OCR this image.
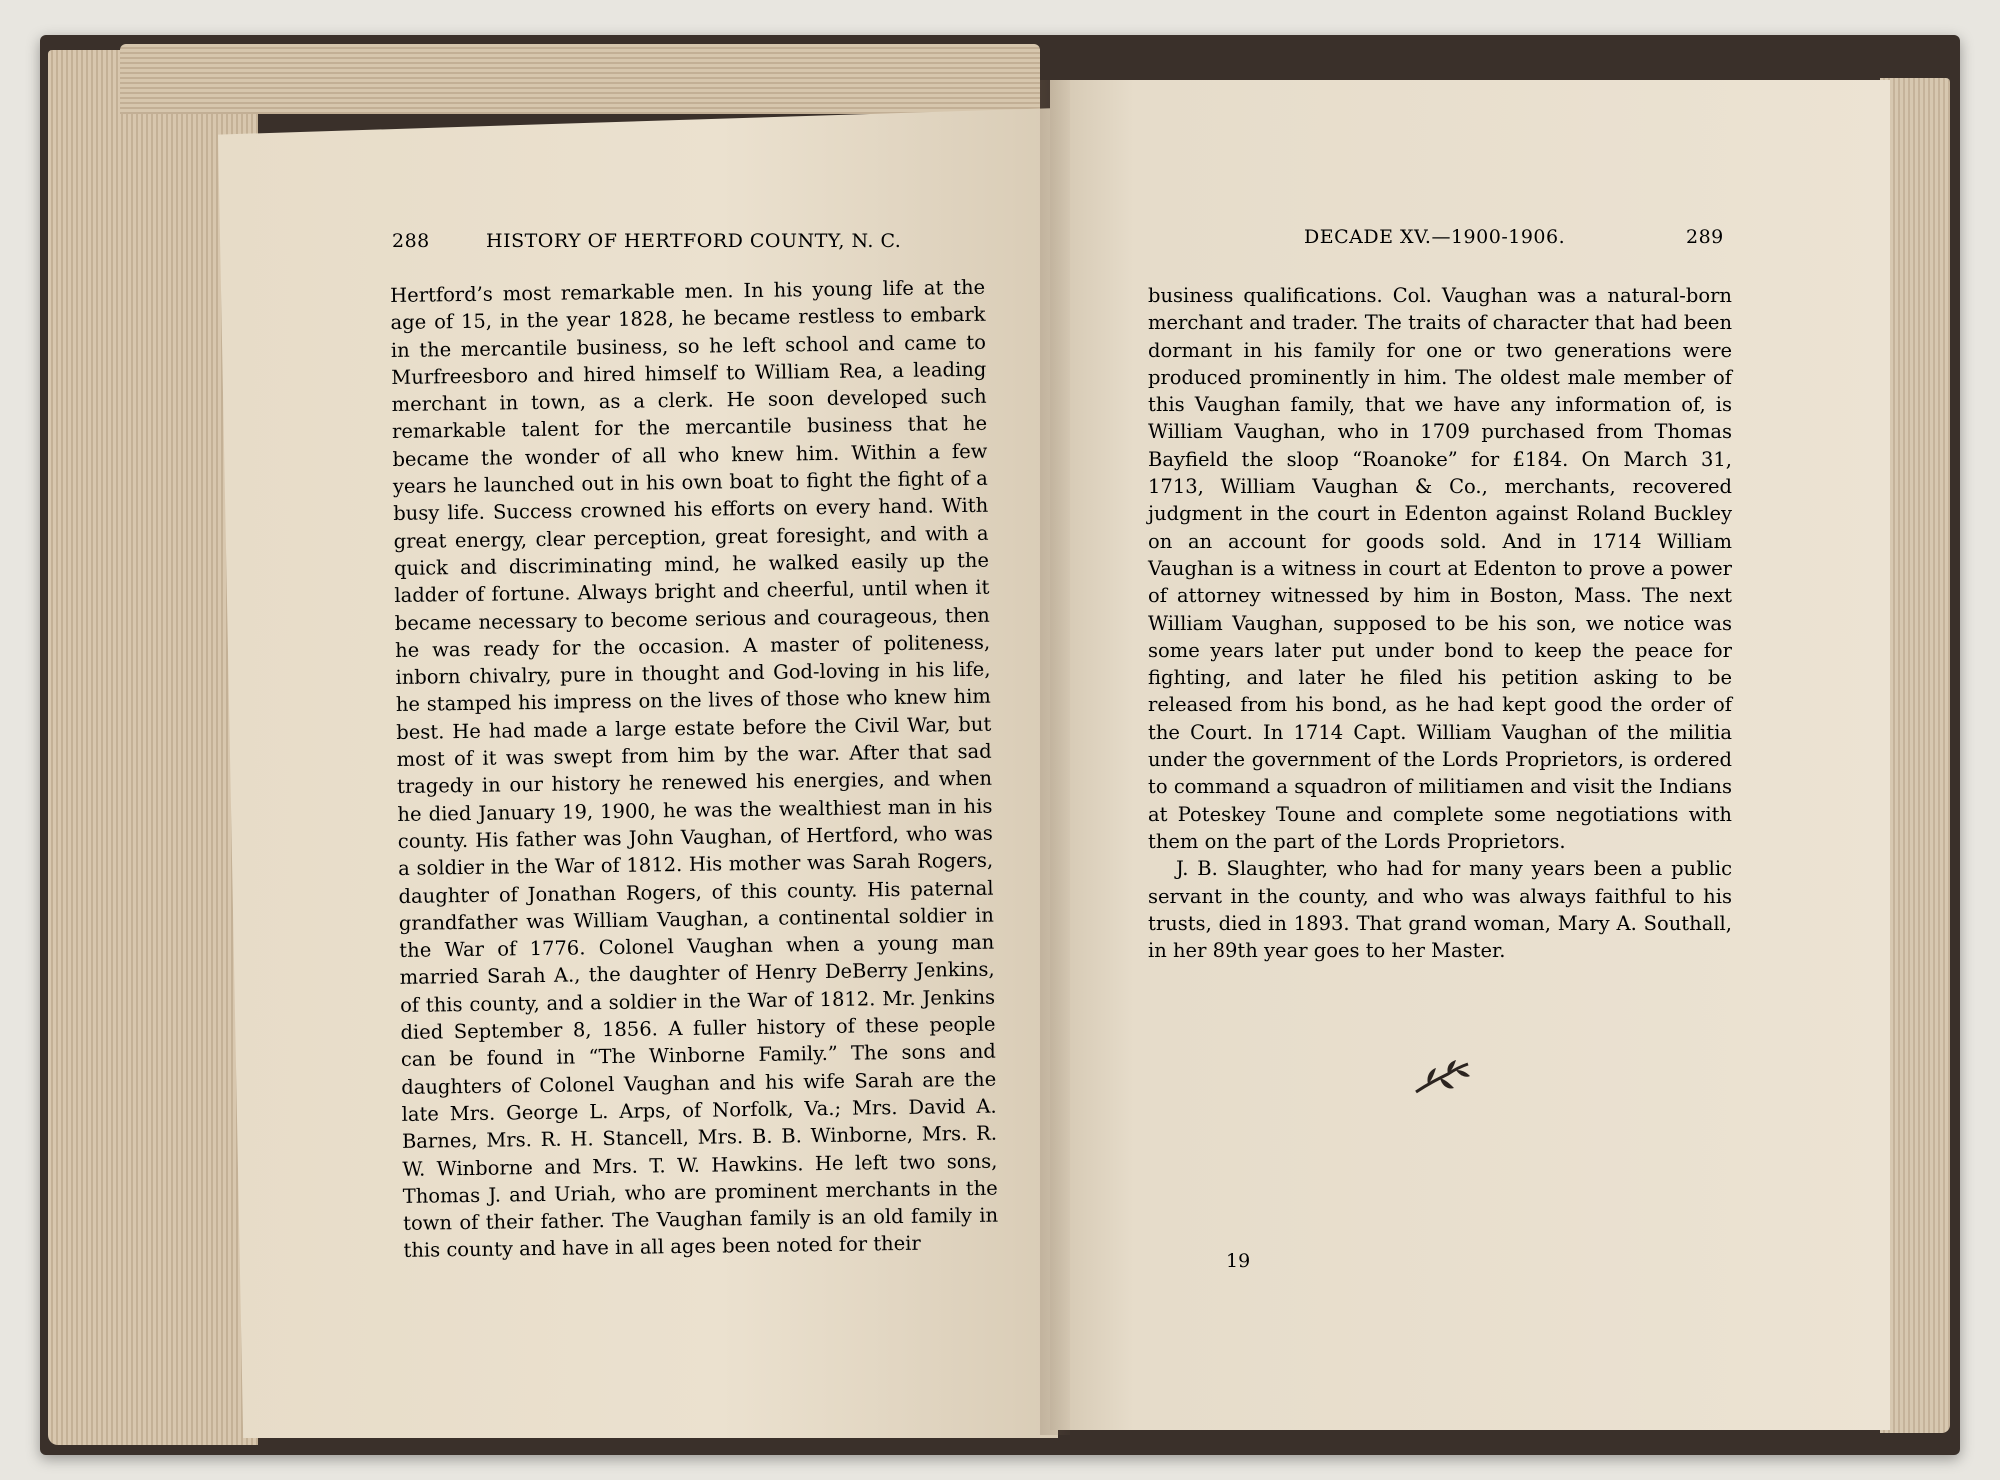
288	HISTORY OF HERTFORD COUNTY, N. C.

Hertford’s most remarkable men. In his young life at the age of 15, in the year 1828, he became restless to embark in the mercantile business, so he left school and came to Murfreesboro and hired himself to William Rea, a leading merchant in town, as a clerk. He soon developed such remarkable talent for the mercantile business that he became the wonder of all who knew him. Within a few years he launched out in his own boat to fight the fight of a busy life. Success crowned his efforts on every hand. With great energy, clear perception, great foresight, and with a quick and discriminating mind, he walked easily up the ladder of fortune. Always bright and cheerful, until when it became necessary to become serious and courageous, then he was ready for the occasion. A master of politeness, inborn chivalry, pure in thought and God-loving in his life, he stamped his impress on the lives of those who knew him best. He had made a large estate before the Civil War, but most of it was swept from him by the war. After that sad tragedy in our history he renewed his energies, and when he died January 19, 1900, he was the wealthiest man in his county. His father was John Vaughan, of Hertford, who was a soldier in the War of 1812. His mother was Sarah Rogers, daughter of Jonathan Rogers, of this county. His paternal grandfather was William Vaughan, a continental soldier in the War of 1776. Colonel Vaughan when a young man married Sarah A., the daughter of Henry DeBerry Jenkins, of this county, and a soldier in the War of 1812. Mr. Jenkins died September 8, 1856. A fuller history of these people can be found in “The Winborne Family.” The sons and daughters of Colonel Vaughan and his wife Sarah are the late Mrs. George L. Arps, of Norfolk, Va.; Mrs. David A. Barnes, Mrs. R. H. Stancell, Mrs. B. B. Winborne, Mrs. R. W. Winborne and Mrs. T. W. Hawkins. He left two sons, Thomas J. and Uriah, who are prominent merchants in the town of their father. The Vaughan family is an old family in this county and have in all ages been noted for their

DECADE XV.—1900-1906.	289

business qualifications. Col. Vaughan was a natural-born merchant and trader. The traits of character that had been dormant in his family for one or two generations were produced prominently in him. The oldest male member of this Vaughan family, that we have any information of, is William Vaughan, who in 1709 purchased from Thomas Bayfield the sloop “Roanoke” for £184. On March 31, 1713, William Vaughan & Co., merchants, recovered judgment in the court in Edenton against Roland Buckley on an account for goods sold. And in 1714 William Vaughan is a witness in court at Edenton to prove a power of attorney witnessed by him in Boston, Mass. The next William Vaughan, supposed to be his son, we notice was some years later put under bond to keep the peace for fighting, and later he filed his petition asking to be released from his bond, as he had kept good the order of the Court. In 1714 Capt. William Vaughan of the militia under the government of the Lords Proprietors, is ordered to command a squadron of militiamen and visit the Indians at Poteskey Toune and complete some negotiations with them on the part of the Lords Proprietors.

J. B. Slaughter, who had for many years been a public servant in the county, and who was always faithful to his trusts, died in 1893. That grand woman, Mary A. Southall, in her 89th year goes to her Master.

19
